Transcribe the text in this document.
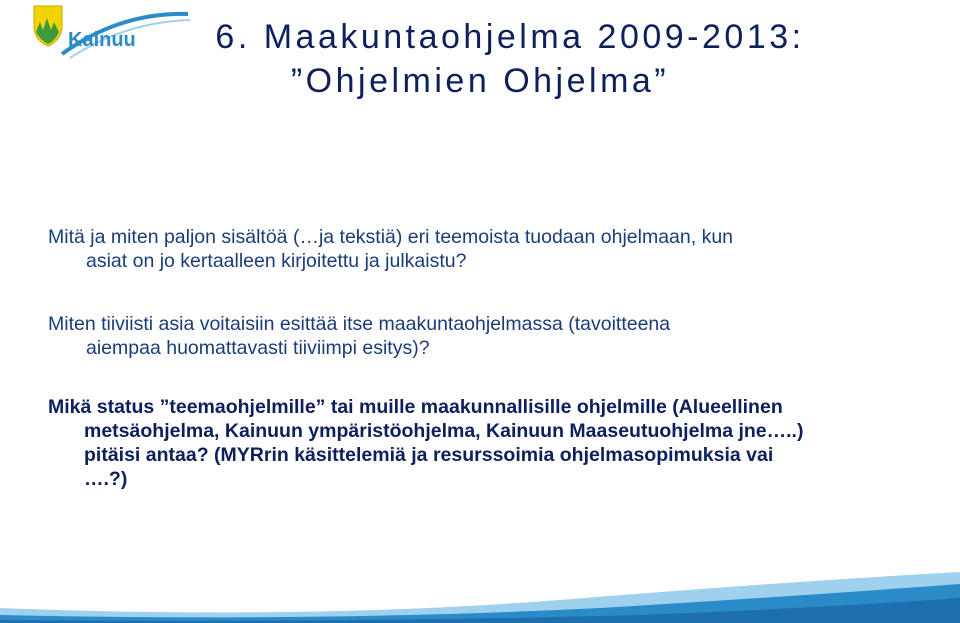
Kainuu	6. Maakuntaohjelma 2009-2013:
”Ohjelmien Ohjelma”
Mitä ja miten paljon sisältöä (…ja tekstiä) eri teemoista tuodaan ohjelmaan, kun
asiat on jo kertaalleen kirjoitettu ja julkaistu?
Miten tiiviisti asia voitaisiin esittää itse maakuntaohjelmassa (tavoitteena
aiempaa huomattavasti tiiviimpi esitys)?
Mikä status ”teemaohjelmille” tai muille maakunnallisille ohjelmille (Alueellinen
metsäohjelma, Kainuun ympäristöohjelma, Kainuun Maaseutuohjelma jne…..)
pitäisi antaa? (MYRrin käsittelemiä ja resurssoimia ohjelmasopimuksia vai
….?)
